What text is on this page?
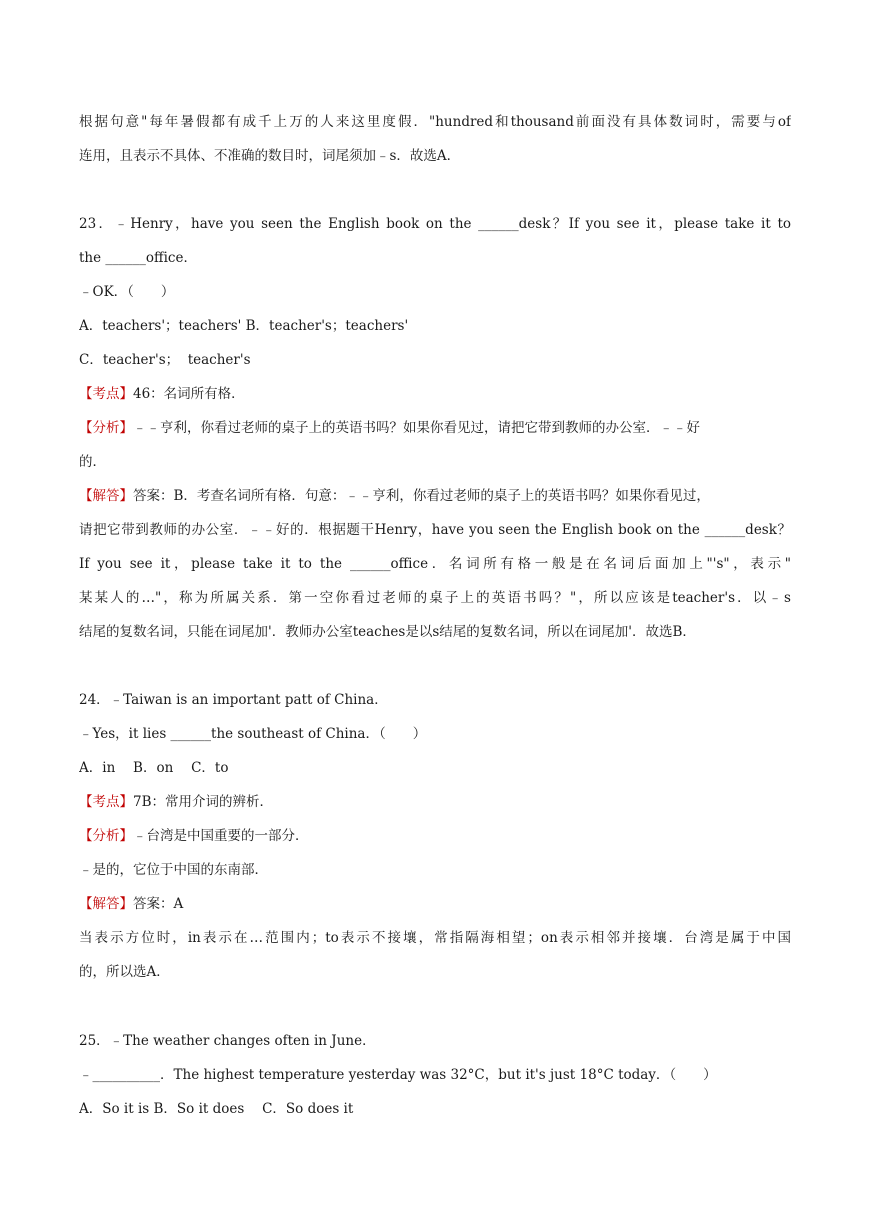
根据句意"每年暑假都有成千上万的人来这里度假．"hundred和thousand前面没有具体数词时，需要与of
连用，且表示不具体、不准确的数目时，词尾须加﹣s．故选A．
23．﹣Henry，have you seen the English book on the ______desk？If you see it，please take it to
the ______office．
﹣OK．（　　）
A．teachers'；teachers' B．teacher's；teachers'
C．teacher's；  teacher's
【考点】46：名词所有格．
【分析】﹣﹣亨利，你看过老师的桌子上的英语书吗？如果你看见过，请把它带到教师的办公室．﹣﹣好
的．
【解答】答案：B．考查名词所有格．句意：﹣﹣亨利，你看过老师的桌子上的英语书吗？如果你看见过，
请把它带到教师的办公室．﹣﹣好的．根据题干Henry，have you seen the English book on the ______desk？
If you see it，please take it to the ______office．名词所有格一般是在名词后面加上"'s"，表示"
某某人的…"，称为所属关系．第一空你看过老师的桌子上的英语书吗？"，所以应该是teacher's．以﹣s
结尾的复数名词，只能在词尾加'．教师办公室teaches是以s结尾的复数名词，所以在词尾加'．故选B．
24．﹣Taiwan is an important patt of China．
﹣Yes，it lies ______the southeast of China．（　　）
A．in　 B．on　 C．to
【考点】7B：常用介词的辨析．
【分析】﹣台湾是中国重要的一部分．
﹣是的，它位于中国的东南部．
【解答】答案：A
当表示方位时，in表示在…范围内；to表示不接壤，常指隔海相望；on表示相邻并接壤．台湾是属于中国
的，所以选A．
25．﹣The weather changes often in June．
﹣__________．The highest temperature yesterday was 32°C，but it's just 18°C today．（　　）
A．So it is B．So it does　 C．So does it
